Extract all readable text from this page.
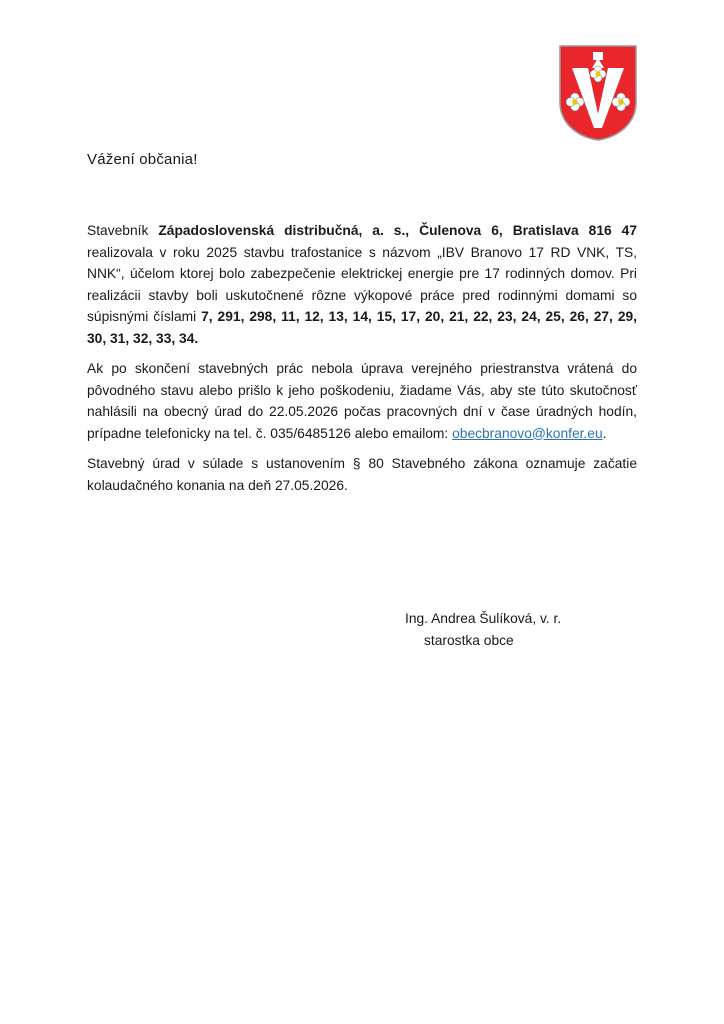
Vážení občania!

Stavebník Západoslovenská distribučná, a. s., Čulenova 6, Bratislava 816 47 realizovala v roku 2025 stavbu trafostanice s názvom „IBV Branovo 17 RD VNK, TS, NNK“, účelom ktorej bolo zabezpečenie elektrickej energie pre 17 rodinných domov. Pri realizácii stavby boli uskutočnené rôzne výkopové práce pred rodinnými domami so súpisnými číslami 7, 291, 298, 11, 12, 13, 14, 15, 17, 20, 21, 22, 23, 24, 25, 26, 27, 29, 30, 31, 32, 33, 34.

Ak po skončení stavebných prác nebola úprava verejného priestranstva vrátená do pôvodného stavu alebo prišlo k jeho poškodeniu, žiadame Vás, aby ste túto skutočnosť nahlásili na obecný úrad do 22.05.2026 počas pracovných dní v čase úradných hodín, prípadne telefonicky na tel. č. 035/6485126 alebo emailom: obecbranovo@konfer.eu.

Stavebný úrad v súlade s ustanovením § 80 Stavebného zákona oznamuje začatie kolaudačného konania na deň 27.05.2026.

Ing. Andrea Šulíková, v. r.
starostka obce
